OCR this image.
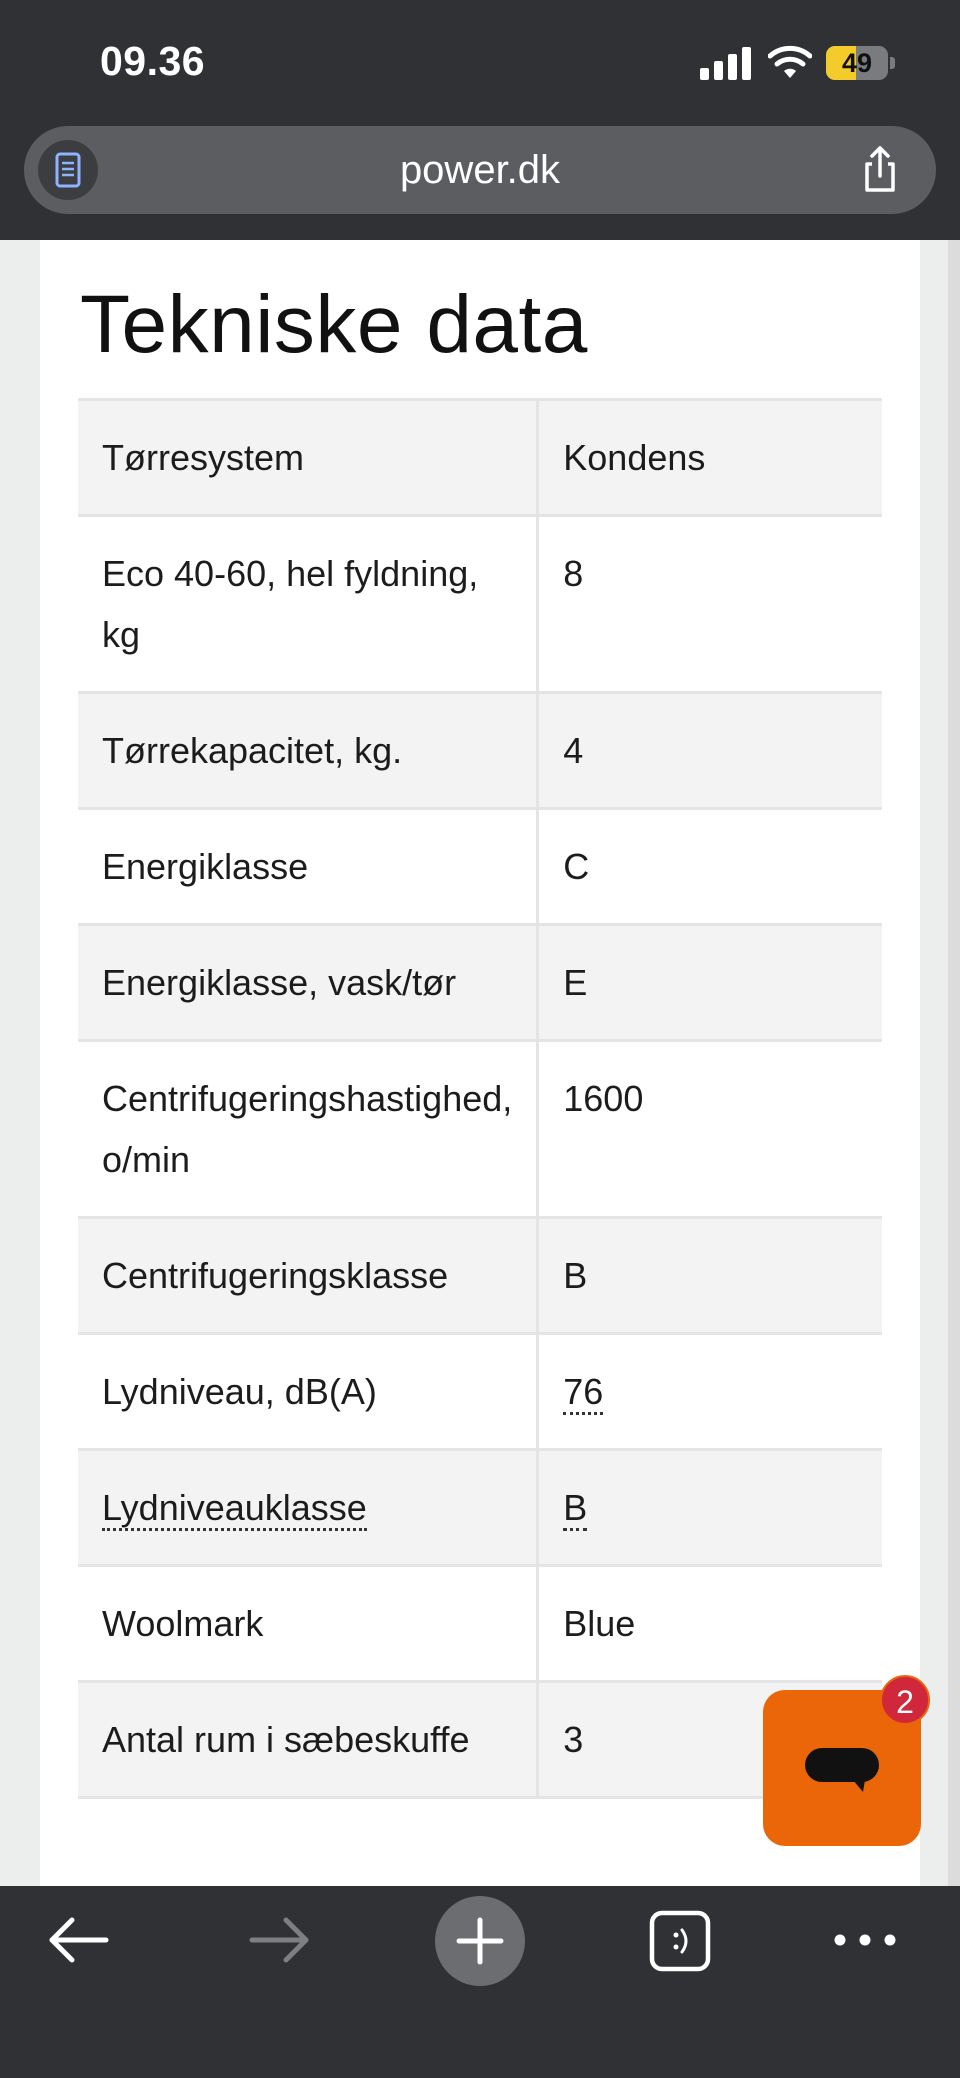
09.36	49
power.dk
Tekniske data
Tørresystem	Kondens
Eco 40-60, hel fyldning, kg	8
Tørrekapacitet, kg.	4
Energiklasse	C
Energiklasse, vask/tør	E
Centrifugeringshastighed, o/min	1600
Centrifugeringsklasse	B
Lydniveau, dB(A)	76
Lydniveauklasse	B
Woolmark	Blue
Antal rum i sæbeskuffe	3
2
